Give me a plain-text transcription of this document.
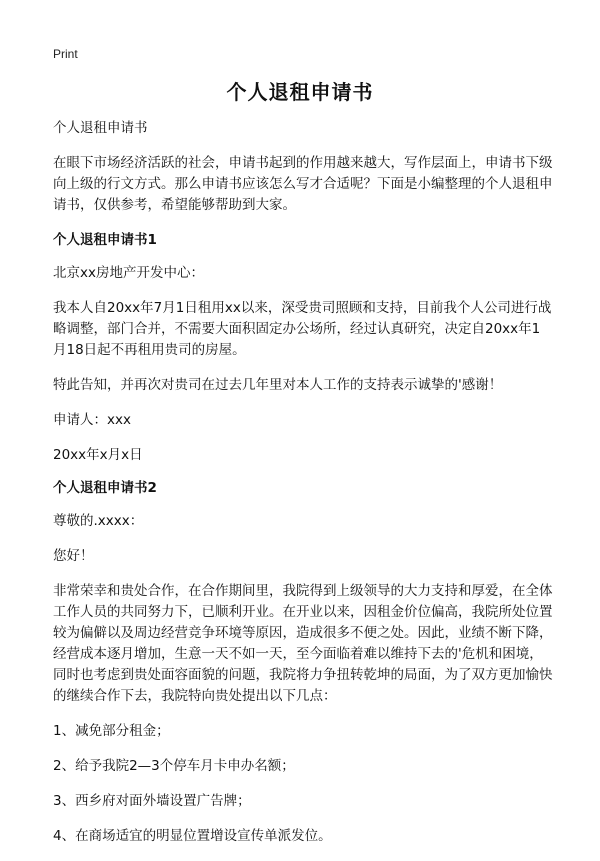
Print
个人退租申请书

个人退租申请书

在眼下市场经济活跃的社会，申请书起到的作用越来越大，写作层面上，申请书下级向上级的行文方式。那么申请书应该怎么写才合适呢？下面是小编整理的个人退租申请书，仅供参考，希望能够帮助到大家。

个人退租申请书1

北京xx房地产开发中心：

我本人自20xx年7月1日租用xx以来，深受贵司照顾和支持，目前我个人公司进行战略调整，部门合并，不需要大面积固定办公场所，经过认真研究，决定自20xx年1月18日起不再租用贵司的房屋。

特此告知，并再次对贵司在过去几年里对本人工作的支持表示诚挚的'感谢！

申请人：xxx

20xx年x月x日

个人退租申请书2

尊敬的.xxxx：

您好！

非常荣幸和贵处合作，在合作期间里，我院得到上级领导的大力支持和厚爱，在全体工作人员的共同努力下，已顺利开业。在开业以来，因租金价位偏高，我院所处位置较为偏僻以及周边经营竞争环境等原因，造成很多不便之处。因此，业绩不断下降，经营成本逐月增加，生意一天不如一天，至今面临着难以维持下去的'危机和困境，同时也考虑到贵处面容面貌的问题，我院将力争扭转乾坤的局面，为了双方更加愉快的继续合作下去，我院特向贵处提出以下几点：

1、减免部分租金；

2、给予我院2—3个停车月卡申办名额；

3、西乡府对面外墙设置广告牌；

4、在商场适宜的明显位置增设宣传单派发位。
